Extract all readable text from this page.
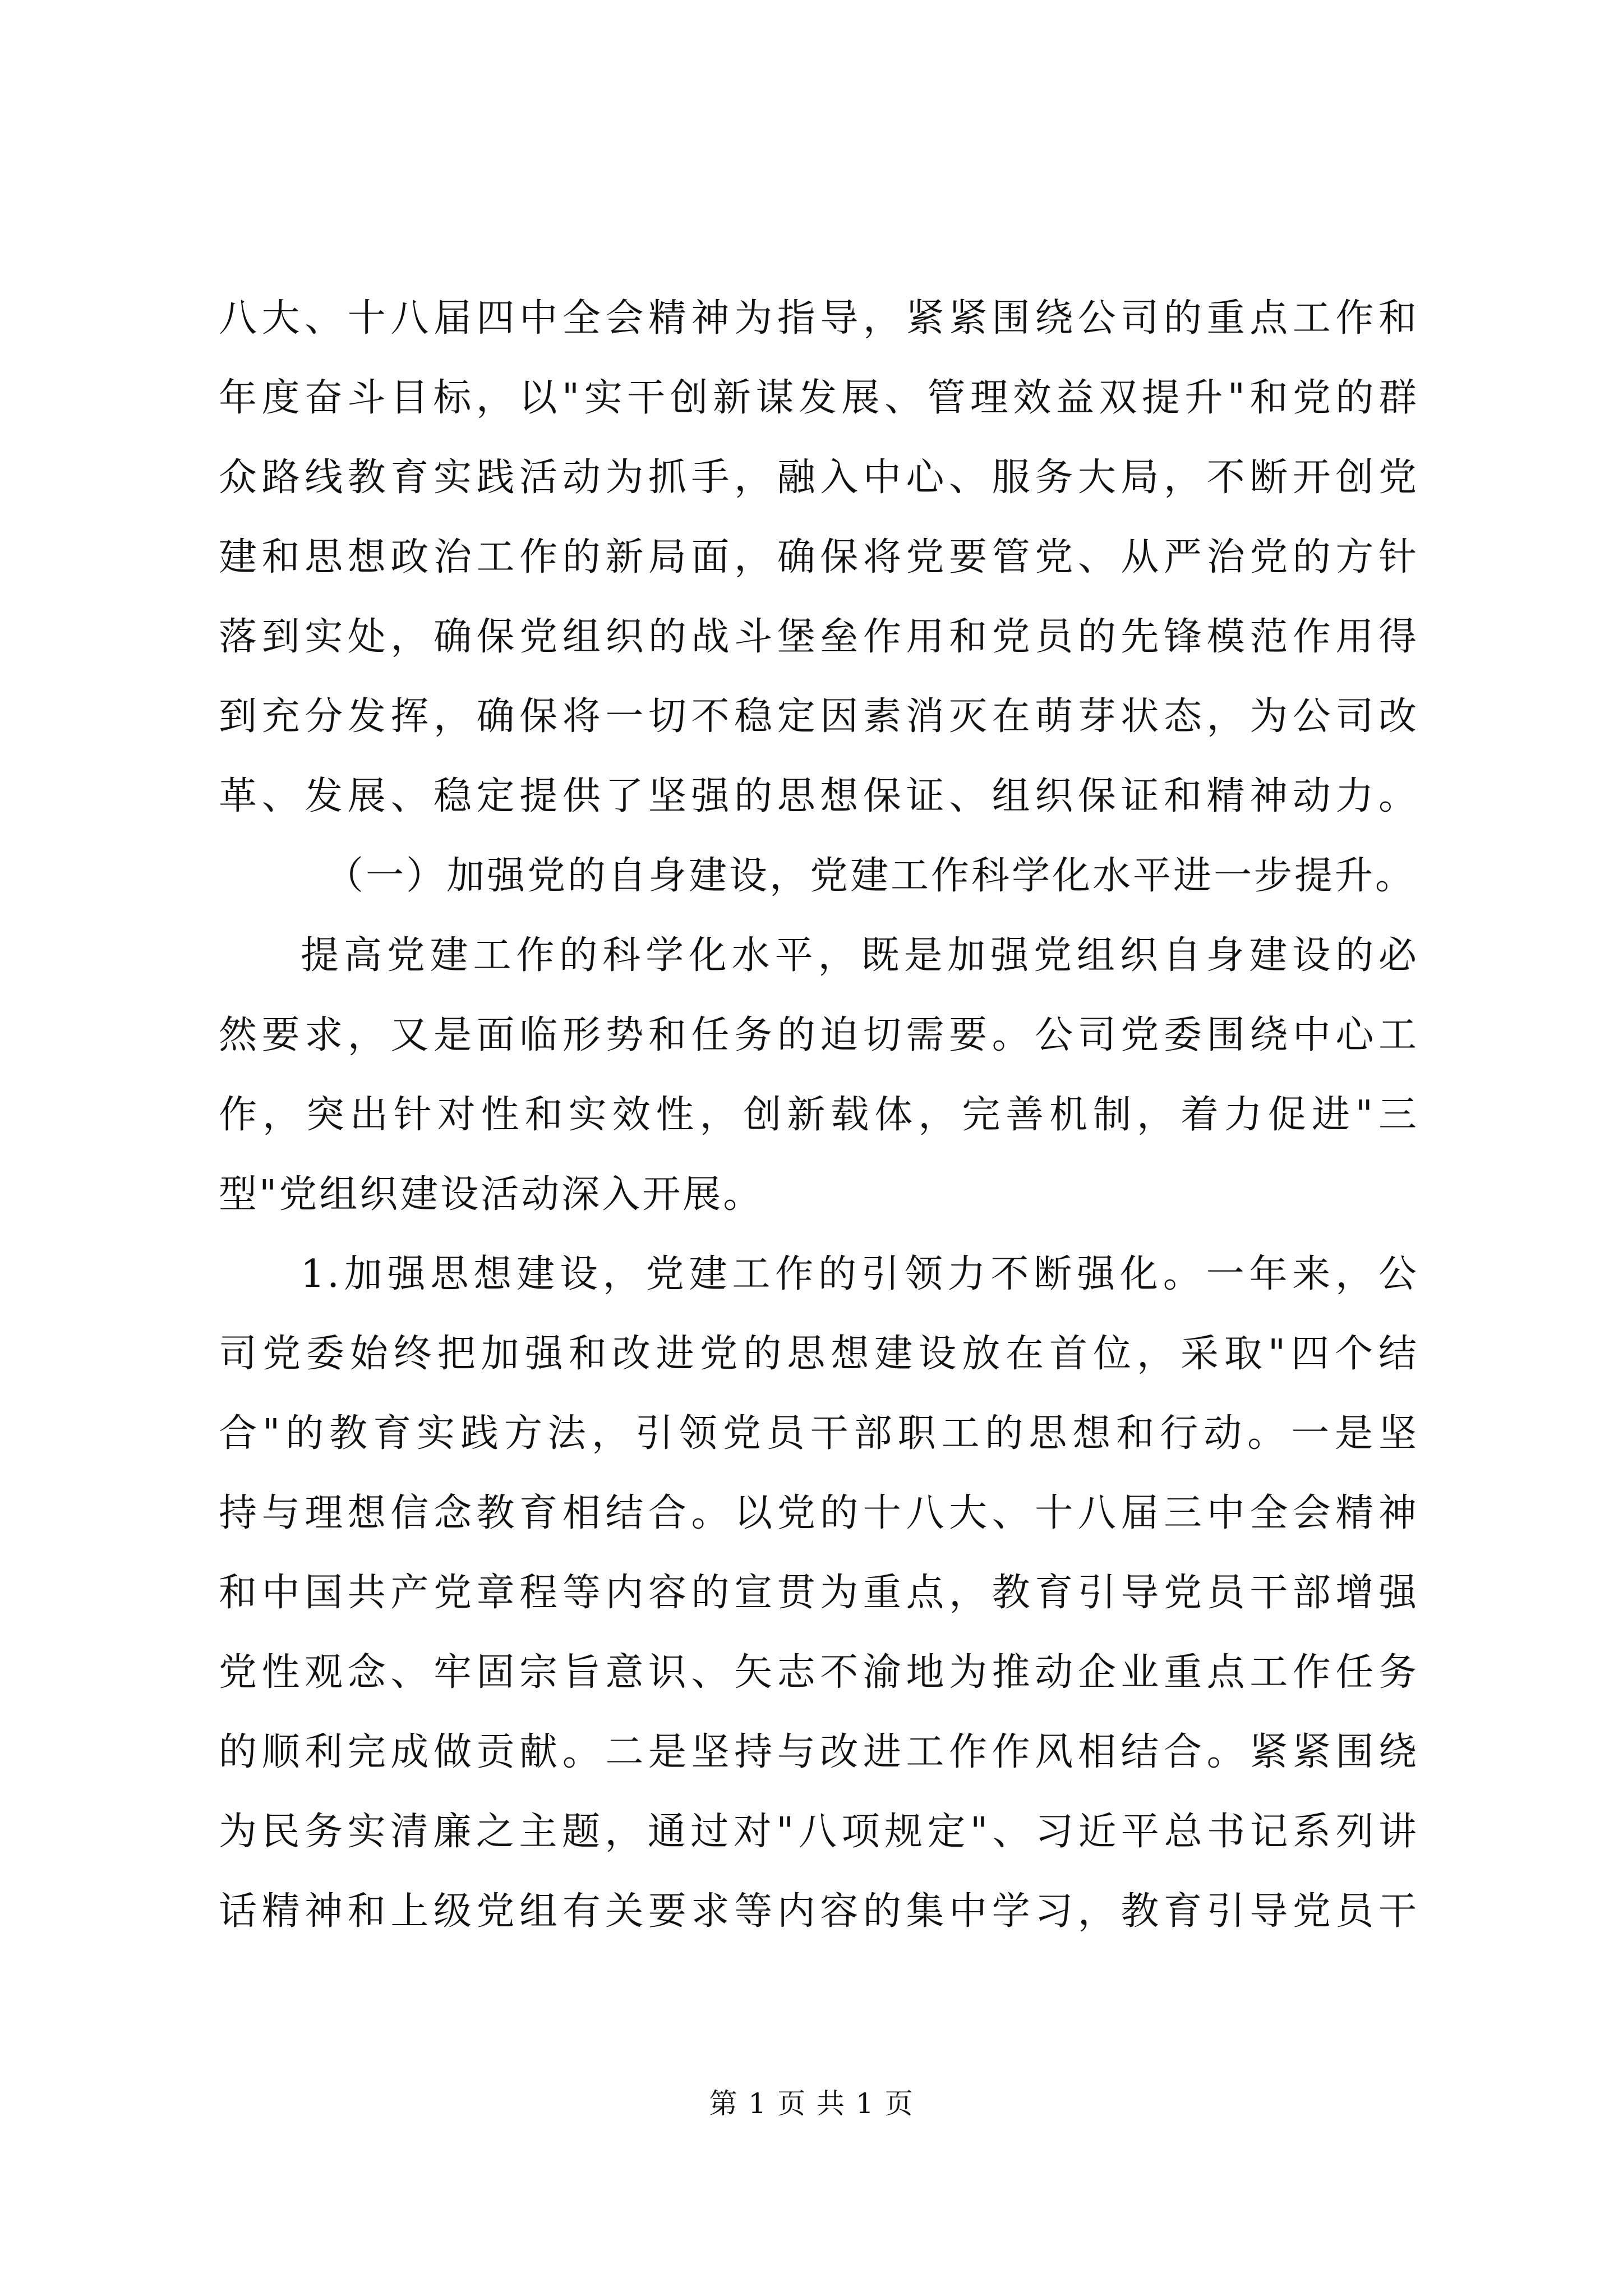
八大、十八届四中全会精神为指导，紧紧围绕公司的重点工作和
年度奋斗目标，以"实干创新谋发展、管理效益双提升"和党的群
众路线教育实践活动为抓手，融入中心、服务大局，不断开创党
建和思想政治工作的新局面，确保将党要管党、从严治党的方针
落到实处，确保党组织的战斗堡垒作用和党员的先锋模范作用得
到充分发挥，确保将一切不稳定因素消灭在萌芽状态，为公司改
革、发展、稳定提供了坚强的思想保证、组织保证和精神动力。
（一）加强党的自身建设，党建工作科学化水平进一步提升。
提高党建工作的科学化水平，既是加强党组织自身建设的必
然要求，又是面临形势和任务的迫切需要。公司党委围绕中心工
作，突出针对性和实效性，创新载体，完善机制，着力促进"三
型"党组织建设活动深入开展。
1.加强思想建设，党建工作的引领力不断强化。一年来，公
司党委始终把加强和改进党的思想建设放在首位，采取"四个结
合"的教育实践方法，引领党员干部职工的思想和行动。一是坚
持与理想信念教育相结合。以党的十八大、十八届三中全会精神
和中国共产党章程等内容的宣贯为重点，教育引导党员干部增强
党性观念、牢固宗旨意识、矢志不渝地为推动企业重点工作任务
的顺利完成做贡献。二是坚持与改进工作作风相结合。紧紧围绕
为民务实清廉之主题，通过对"八项规定"、习近平总书记系列讲
话精神和上级党组有关要求等内容的集中学习，教育引导党员干
第 1 页 共 1 页
